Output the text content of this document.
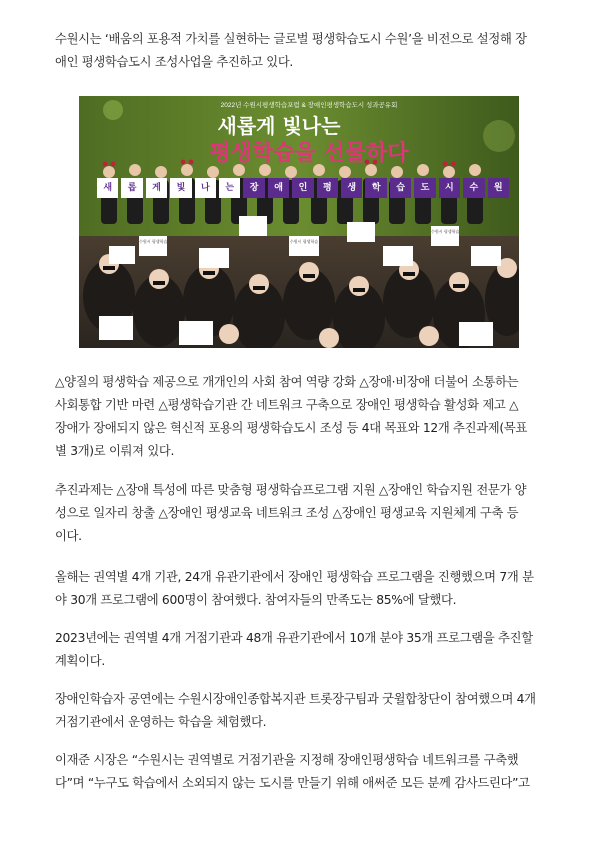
수원시는 ‘배움의 포용적 가치를 실현하는 글로벌 평생학습도시 수원’을 비전으로 설정해 장
애인 평생학습도시 조성사업을 추진하고 있다.

2022년 수원시평생학습포럼 & 장애인평생학습도시 성과공유회
새롭게 빛나는
평생학습을 선물하다
새	롭	게	빛	나	는	장	애	인	평	생	학	습	도	시	수	원
수원시 평생학습	수원시 평생학습
수원시 평생학습

△양질의 평생학습 제공으로 개개인의 사회 참여 역량 강화 △장애·비장애 더불어 소통하는
사회통합 기반 마련 △평생학습기관 간 네트워크 구축으로 장애인 평생학습 활성화 제고 △
장애가 장애되지 않은 혁신적 포용의 평생학습도시 조성 등 4대 목표와 12개 추진과제(목표
별 3개)로 이뤄져 있다.

추진과제는 △장애 특성에 따른 맞춤형 평생학습프로그램 지원 △장애인 학습지원 전문가 양
성으로 일자리 창출 △장애인 평생교육 네트워크 조성 △장애인 평생교육 지원체계 구축 등
이다.

올해는 권역별 4개 기관, 24개 유관기관에서 장애인 평생학습 프로그램을 진행했으며 7개 분
야 30개 프로그램에 600명이 참여했다. 참여자들의 만족도는 85%에 달했다.

2023년에는 권역별 4개 거점기관과 48개 유관기관에서 10개 분야 35개 프로그램을 추진할
계획이다.

장애인학습자 공연에는 수원시장애인종합복지관 트롯장구팀과 굿윌합창단이 참여했으며 4개
거점기관에서 운영하는 학습을 체험했다.

이재준 시장은 “수원시는 권역별로 거점기관을 지정해 장애인평생학습 네트워크를 구축했
다”며 “누구도 학습에서 소외되지 않는 도시를 만들기 위해 애써준 모든 분께 감사드린다”고
